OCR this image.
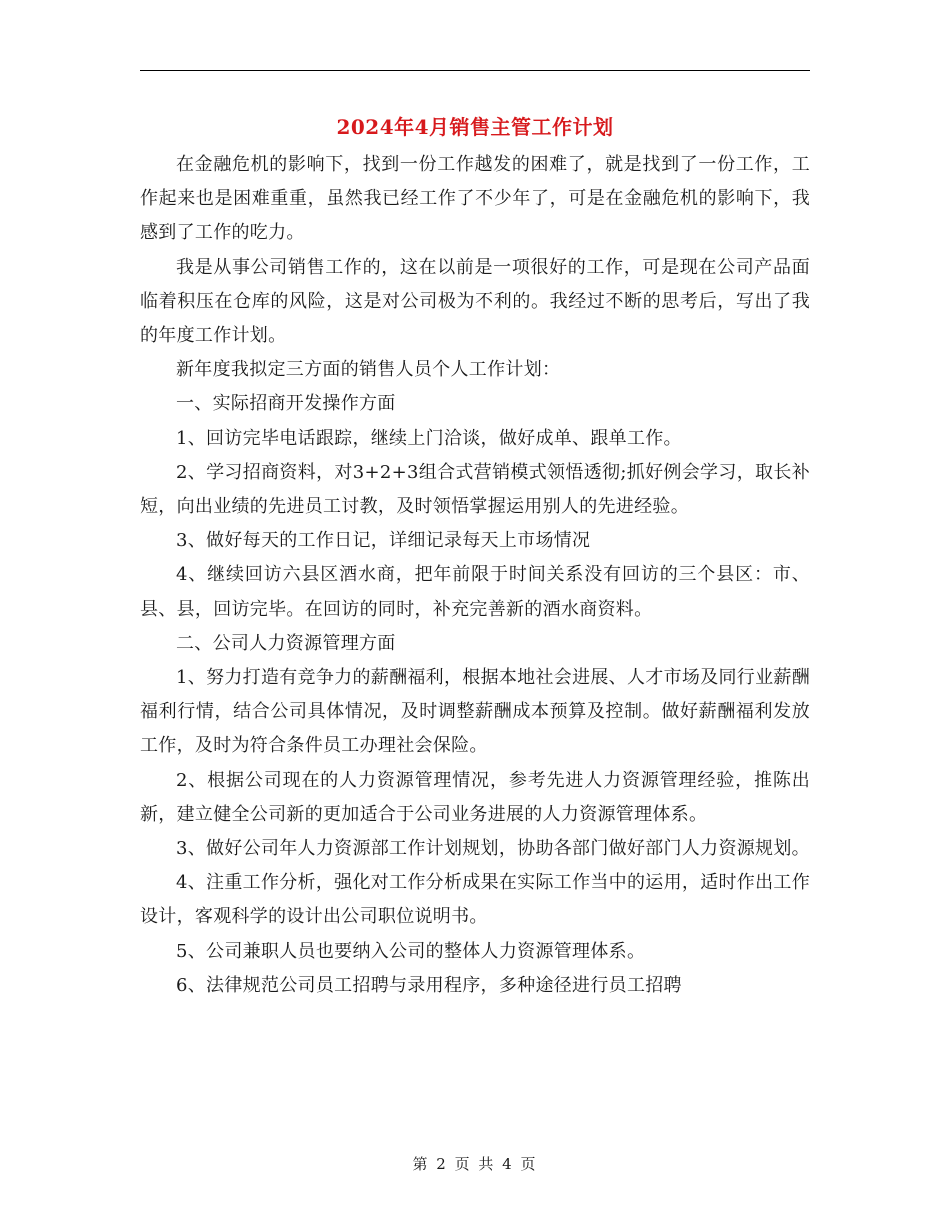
2024年4月销售主管工作计划

在金融危机的影响下，找到一份工作越发的困难了，就是找到了一份工作，工作起来也是困难重重，虽然我已经工作了不少年了，可是在金融危机的影响下，我感到了工作的吃力。

我是从事公司销售工作的，这在以前是一项很好的工作，可是现在公司产品面临着积压在仓库的风险，这是对公司极为不利的。我经过不断的思考后，写出了我的年度工作计划。

新年度我拟定三方面的销售人员个人工作计划：

一、实际招商开发操作方面

1、回访完毕电话跟踪，继续上门洽谈，做好成单、跟单工作。

2、学习招商资料，对3+2+3组合式营销模式领悟透彻;抓好例会学习，取长补短，向出业绩的先进员工讨教，及时领悟掌握运用别人的先进经验。

3、做好每天的工作日记，详细记录每天上市场情况

4、继续回访六县区酒水商，把年前限于时间关系没有回访的三个县区：市、县、县，回访完毕。在回访的同时，补充完善新的酒水商资料。

二、公司人力资源管理方面

1、努力打造有竞争力的薪酬福利，根据本地社会进展、人才市场及同行业薪酬福利行情，结合公司具体情况，及时调整薪酬成本预算及控制。做好薪酬福利发放工作，及时为符合条件员工办理社会保险。

2、根据公司现在的人力资源管理情况，参考先进人力资源管理经验，推陈出新，建立健全公司新的更加适合于公司业务进展的人力资源管理体系。

3、做好公司年人力资源部工作计划规划，协助各部门做好部门人力资源规划。

4、注重工作分析，强化对工作分析成果在实际工作当中的运用，适时作出工作设计，客观科学的设计出公司职位说明书。

5、公司兼职人员也要纳入公司的整体人力资源管理体系。

6、法律规范公司员工招聘与录用程序，多种途径进行员工招聘

第 2 页 共 4 页
